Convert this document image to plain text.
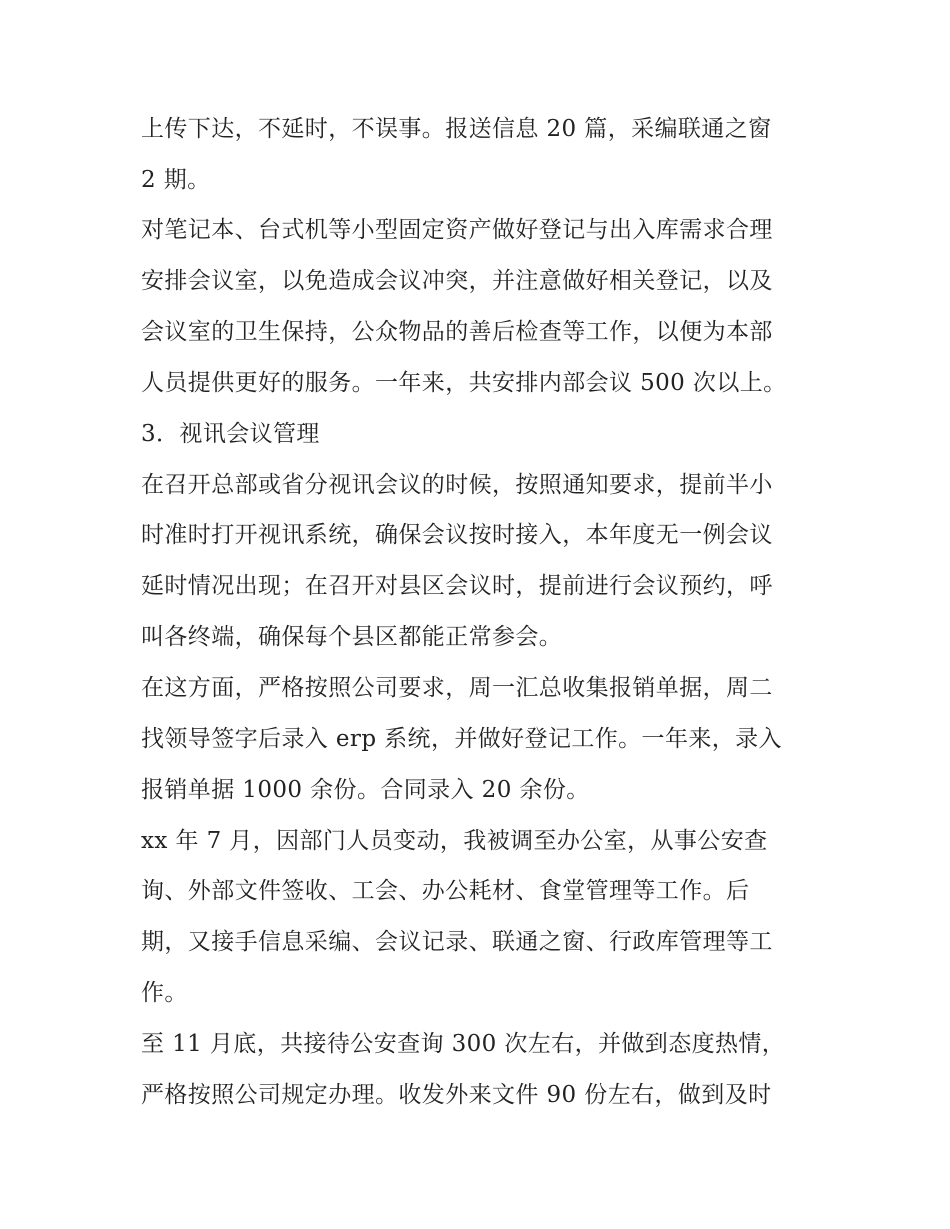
上传下达，不延时，不误事。报送信息 20 篇，采编联通之窗
2 期。
对笔记本、台式机等小型固定资产做好登记与出入库需求合理
安排会议室，以免造成会议冲突，并注意做好相关登记，以及
会议室的卫生保持，公众物品的善后检查等工作，以便为本部
人员提供更好的服务。一年来，共安排内部会议 500 次以上。
3．视讯会议管理
在召开总部或省分视讯会议的时候，按照通知要求，提前半小
时准时打开视讯系统，确保会议按时接入，本年度无一例会议
延时情况出现；在召开对县区会议时，提前进行会议预约，呼
叫各终端，确保每个县区都能正常参会。
在这方面，严格按照公司要求，周一汇总收集报销单据，周二
找领导签字后录入 erp 系统，并做好登记工作。一年来，录入
报销单据 1000 余份。合同录入 20 余份。
xx 年 7 月，因部门人员变动，我被调至办公室，从事公安查
询、外部文件签收、工会、办公耗材、食堂管理等工作。后
期，又接手信息采编、会议记录、联通之窗、行政库管理等工
作。
至 11 月底，共接待公安查询 300 次左右，并做到态度热情，
严格按照公司规定办理。收发外来文件 90 份左右，做到及时
